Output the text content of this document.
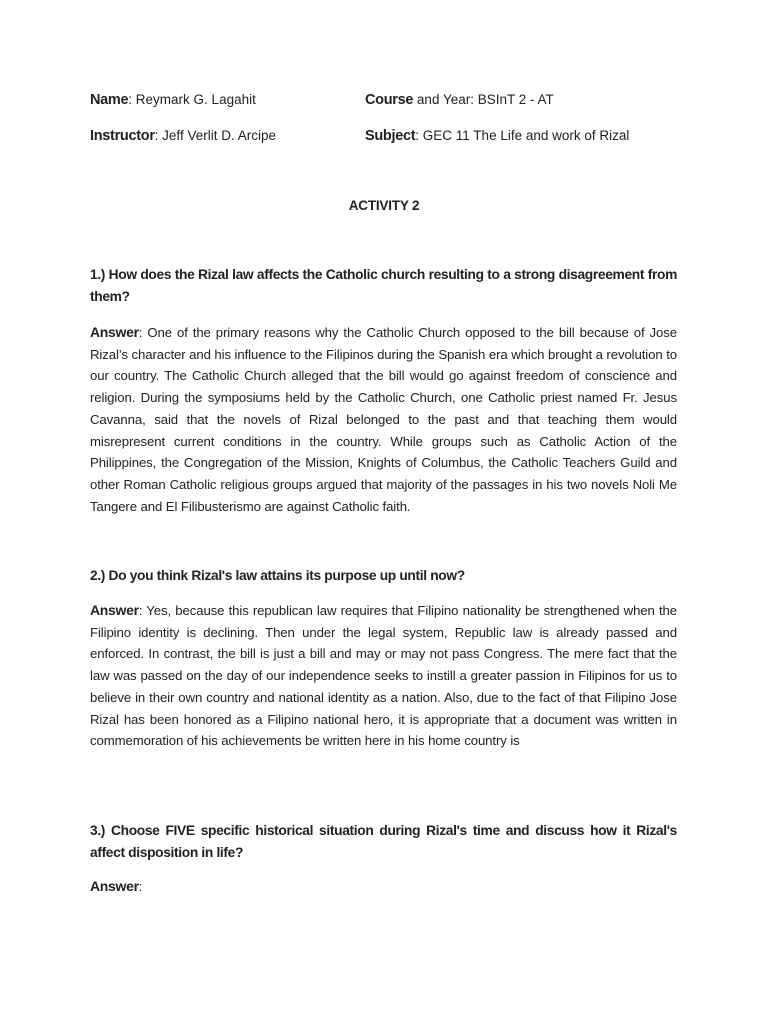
Name: Reymark G. Lagahit	Course and Year: BSInT 2 - AT
Instructor: Jeff Verlit D. Arcipe	Subject: GEC 11 The Life and work of Rizal
ACTIVITY 2

1.) How does the Rizal law affects the Catholic church resulting to a strong disagreement from them?

Answer: One of the primary reasons why the Catholic Church opposed to the bill because of Jose Rizal’s character and his influence to the Filipinos during the Spanish era which brought a revolution to our country. The Catholic Church alleged that the bill would go against freedom of conscience and religion. During the symposiums held by the Catholic Church, one Catholic priest named Fr. Jesus Cavanna, said that the novels of Rizal belonged to the past and that teaching them would misrepresent current conditions in the country. While groups such as Catholic Action of the Philippines, the Congregation of the Mission, Knights of Columbus, the Catholic Teachers Guild and other Roman Catholic religious groups argued that majority of the passages in his two novels Noli Me Tangere and El Filibusterismo are against Catholic faith.

2.) Do you think Rizal's law attains its purpose up until now?

Answer: Yes, because this republican law requires that Filipino nationality be strengthened when the Filipino identity is declining. Then under the legal system, Republic law is already passed and enforced. In contrast, the bill is just a bill and may or may not pass Congress. The mere fact that the law was passed on the day of our independence seeks to instill a greater passion in Filipinos for us to believe in their own country and national identity as a nation. Also, due to the fact of that Filipino Jose Rizal has been honored as a Filipino national hero, it is appropriate that a document was written in commemoration of his achievements be written here in his home country is

3.) Choose FIVE specific historical situation during Rizal's time and discuss how it Rizal's affect disposition in life?

Answer:
